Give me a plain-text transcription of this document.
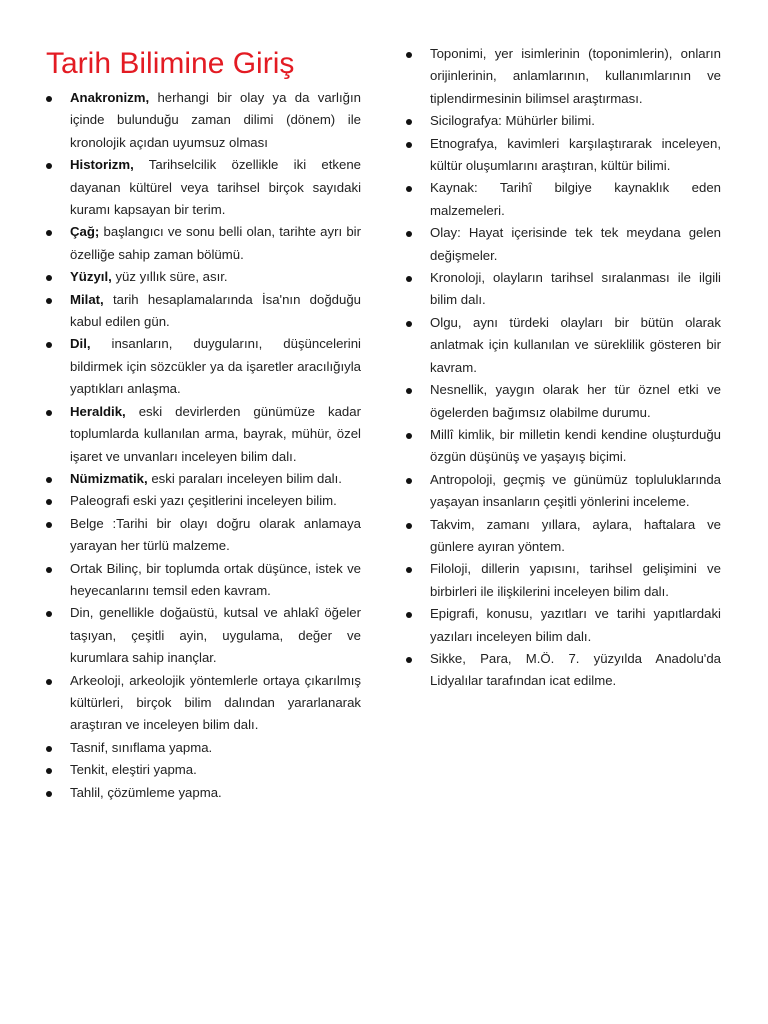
Tarih Bilimine Giriş
Anakronizm, herhangi bir olay ya da varlığın içinde bulunduğu zaman dilimi (dönem) ile kronolojik açıdan uyumsuz olması
Historizm, Tarihselcilik özellikle iki etkene dayanan kültürel veya tarihsel birçok sayıdaki kuramı kapsayan bir terim.
Çağ; başlangıcı ve sonu belli olan, tarihte ayrı bir özelliğe sahip zaman bölümü.
Yüzyıl, yüz yıllık süre, asır.
Milat, tarih hesaplamalarında İsa'nın doğduğu kabul edilen gün.
Dil, insanların, duygularını, düşüncelerini bildirmek için sözcükler ya da işaretler aracılığıyla yaptıkları anlaşma.
Heraldik, eski devirlerden günümüze kadar toplumlarda kullanılan arma, bayrak, mühür, özel işaret ve unvanları inceleyen bilim dalı.
Nümizmatik, eski paraları inceleyen bilim dalı.
Paleografi eski yazı çeşitlerini inceleyen bilim.
Belge :Tarihi bir olayı doğru olarak anlamaya yarayan her türlü malzeme.
Ortak Bilinç, bir toplumda ortak düşünce, istek ve heyecanlarını temsil eden kavram.
Din, genellikle doğaüstü, kutsal ve ahlakî öğeler taşıyan, çeşitli ayin, uygulama, değer ve kurumlara sahip inançlar.
Arkeoloji, arkeolojik yöntemlerle ortaya çıkarılmış kültürleri, birçok bilim dalından yararlanarak araştıran ve inceleyen bilim dalı.
Tasnif, sınıflama yapma.
Tenkit, eleştiri yapma.
Tahlil, çözümleme yapma.
Toponimi, yer isimlerinin (toponimlerin), onların orijinlerinin, anlamlarının, kullanımlarının ve tiplendirmesinin bilimsel araştırması.
Sicilografya: Mühürler bilimi.
Etnografya, kavimleri karşılaştırarak inceleyen, kültür oluşumlarını araştıran, kültür bilimi.
Kaynak: Tarihî bilgiye kaynaklık eden malzemeleri.
Olay: Hayat içerisinde tek tek meydana gelen değişmeler.
Kronoloji, olayların tarihsel sıralanması ile ilgili bilim dalı.
Olgu, aynı türdeki olayları bir bütün olarak anlatmak için kullanılan ve süreklilik gösteren bir kavram.
Nesnellik, yaygın olarak her tür öznel etki ve ögelerden bağımsız olabilme durumu.
Millî kimlik, bir milletin kendi kendine oluşturduğu özgün düşünüş ve yaşayış biçimi.
Antropoloji, geçmiş ve günümüz topluluklarında yaşayan insanların çeşitli yönlerini inceleme.
Takvim, zamanı yıllara, aylara, haftalara ve günlere ayıran yöntem.
Filoloji, dillerin yapısını, tarihsel gelişimini ve birbirleri ile ilişkilerini inceleyen bilim dalı.
Epigrafi, konusu, yazıtları ve tarihi yapıtlardaki yazıları inceleyen bilim dalı.
Sikke, Para, M.Ö. 7. yüzyılda Anadolu'da Lidyalılar tarafından icat edilme.
